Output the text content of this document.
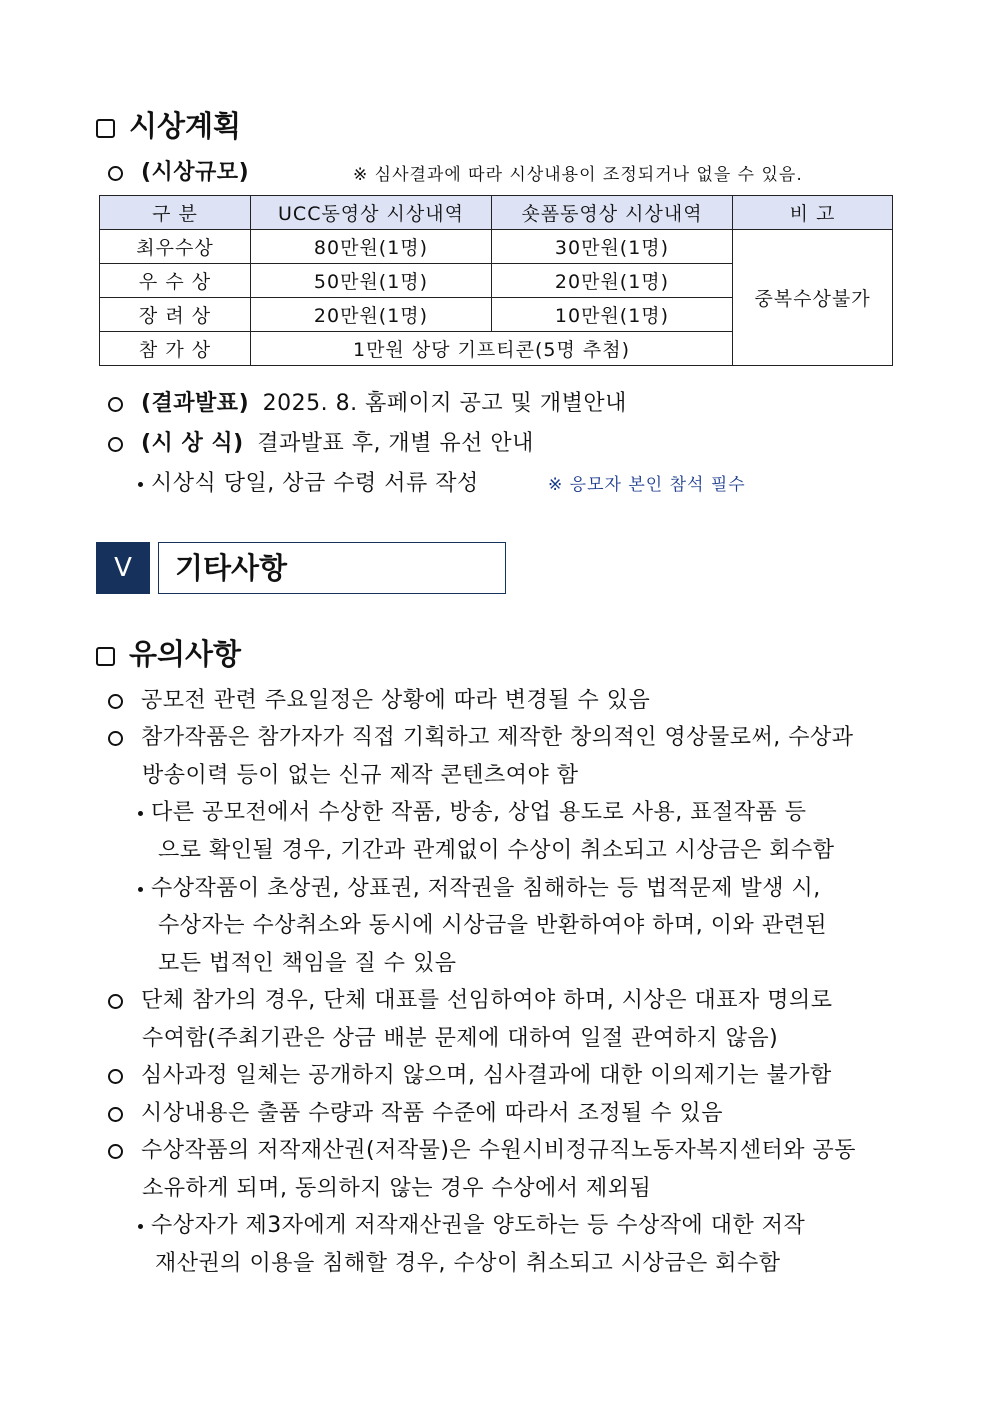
시상계획
(시상규모)	※ 심사결과에 따라 시상내용이 조정되거나 없을 수 있음.
구 분	UCC동영상 시상내역	숏폼동영상 시상내역	비 고
최우수상	80만원(1명)	30만원(1명)	중복수상불가
우 수 상	50만원(1명)	20만원(1명)	
장 려 상	20만원(1명)	10만원(1명)	
참 가 상	1만원 상당 기프티콘(5명 추첨)		
(결과발표) 2025. 8. 홈페이지 공고 및 개별안내
(시 상 식) 결과발표 후, 개별 유선 안내
시상식 당일, 상금 수령 서류 작성	※ 응모자 본인 참석 필수
V	기타사항
유의사항
공모전 관련 주요일정은 상황에 따라 변경될 수 있음
참가작품은 참가자가 직접 기획하고 제작한 창의적인 영상물로써, 수상과
방송이력 등이 없는 신규 제작 콘텐츠여야 함
다른 공모전에서 수상한 작품, 방송, 상업 용도로 사용, 표절작품 등
으로 확인될 경우, 기간과 관계없이 수상이 취소되고 시상금은 회수함
수상작품이 초상권, 상표권, 저작권을 침해하는 등 법적문제 발생 시,
수상자는 수상취소와 동시에 시상금을 반환하여야 하며, 이와 관련된
모든 법적인 책임을 질 수 있음
단체 참가의 경우, 단체 대표를 선임하여야 하며, 시상은 대표자 명의로
수여함(주최기관은 상금 배분 문제에 대하여 일절 관여하지 않음)
심사과정 일체는 공개하지 않으며, 심사결과에 대한 이의제기는 불가함
시상내용은 출품 수량과 작품 수준에 따라서 조정될 수 있음
수상작품의 저작재산권(저작물)은 수원시비정규직노동자복지센터와 공동
소유하게 되며, 동의하지 않는 경우 수상에서 제외됨
수상자가 제3자에게 저작재산권을 양도하는 등 수상작에 대한 저작
재산권의 이용을 침해할 경우, 수상이 취소되고 시상금은 회수함
